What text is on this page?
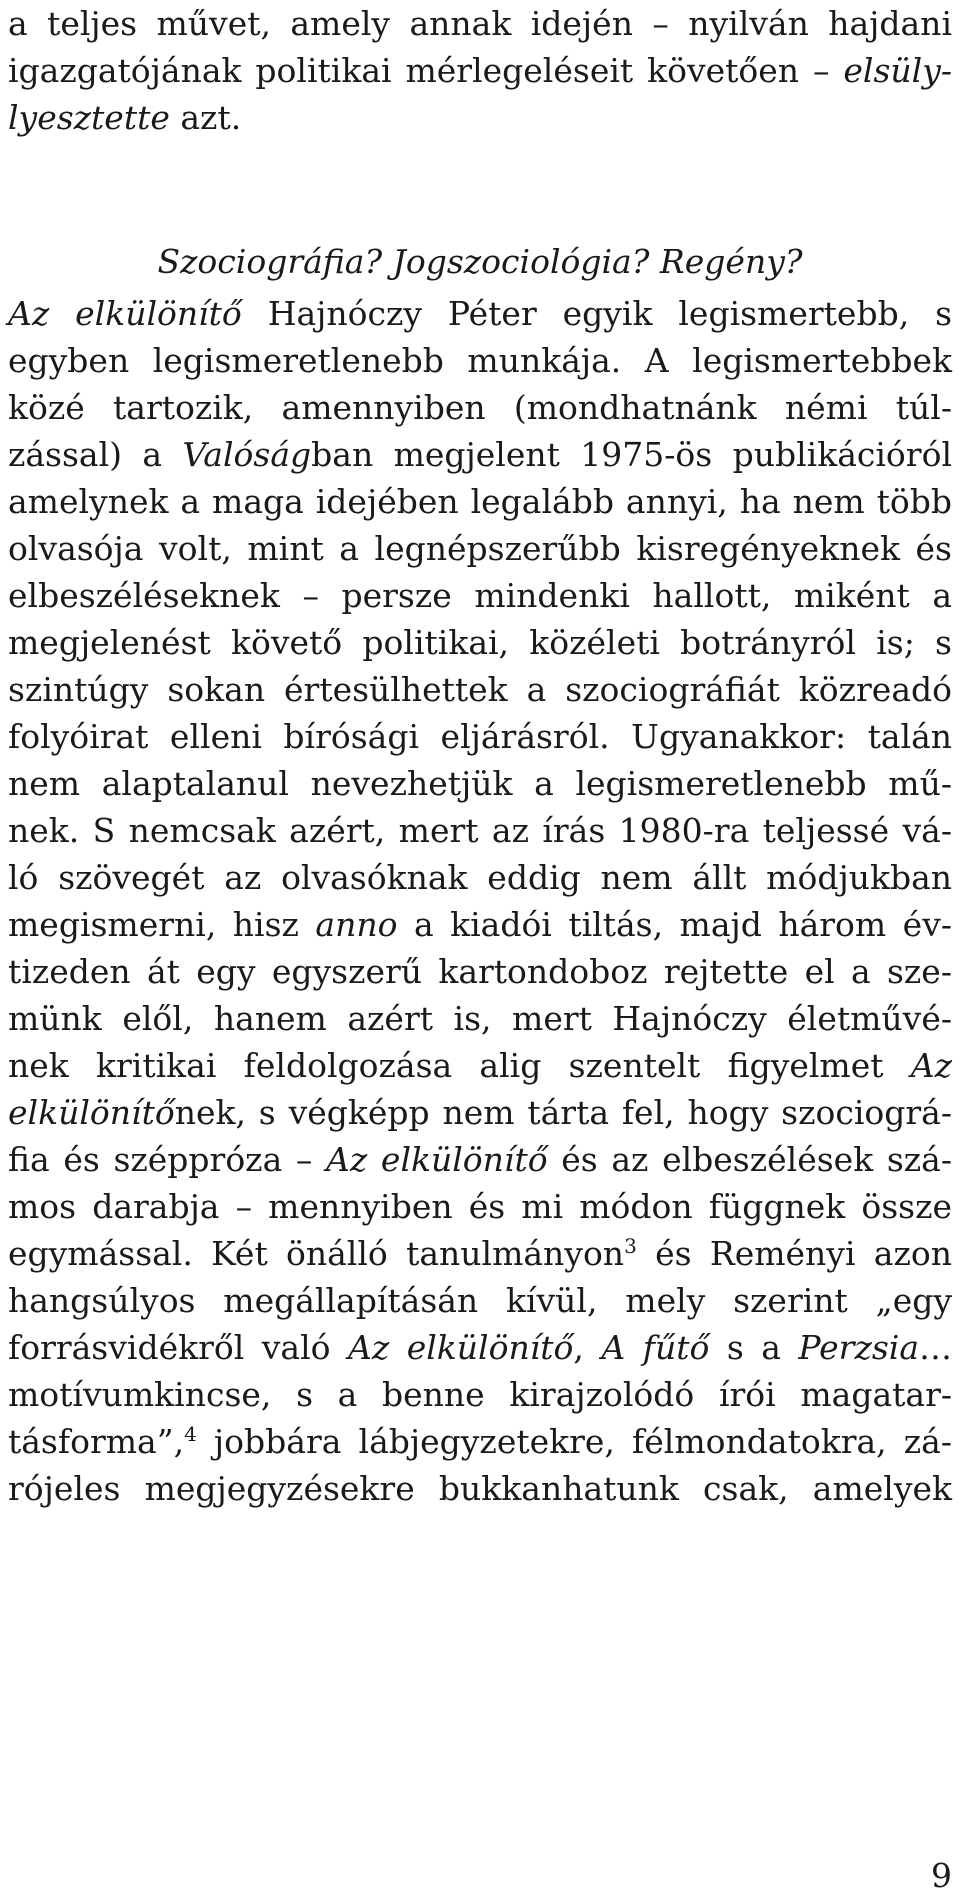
a teljes művet, amely annak idején – nyilván hajdani
igazgatójának politikai mérlegeléseit követően – elsüly-
lyesztette azt.
Szociográfia? Jogszociológia? Regény?
Az elkülönítő Hajnóczy Péter egyik legismertebb, s
egyben legismeretlenebb munkája. A legismertebbek
közé tartozik, amennyiben (mondhatnánk némi túl-
zással) a Valóságban megjelent 1975-ös publikációról
amelynek a maga idejében legalább annyi, ha nem több
olvasója volt, mint a legnépszerűbb kisregényeknek és
elbeszéléseknek – persze mindenki hallott, miként a
megjelenést követő politikai, közéleti botrányról is; s
szintúgy sokan értesülhettek a szociográfiát közreadó
folyóirat elleni bírósági eljárásról. Ugyanakkor: talán
nem alaptalanul nevezhetjük a legismeretlenebb mű-
nek. S nemcsak azért, mert az írás 1980-ra teljessé vá-
ló szövegét az olvasóknak eddig nem állt módjukban
megismerni, hisz anno a kiadói tiltás, majd három év-
tizeden át egy egyszerű kartondoboz rejtette el a sze-
münk elől, hanem azért is, mert Hajnóczy életművé-
nek kritikai feldolgozása alig szentelt figyelmet Az
elkülönítőnek, s végképp nem tárta fel, hogy szociográ-
fia és széppróza – Az elkülönítő és az elbeszélések szá-
mos darabja – mennyiben és mi módon függnek össze
egymással. Két önálló tanulmányon$^3$ és Reményi azon
hangsúlyos megállapításán kívül, mely szerint „egy
forrásvidékről való Az elkülönítő, A fűtő s a Perzsia…
motívumkincse, s a benne kirajzolódó írói magatar-
tásforma”,$^4$ jobbára lábjegyzetekre, félmondatokra, zá-
rójeles megjegyzésekre bukkanhatunk csak, amelyek
9
